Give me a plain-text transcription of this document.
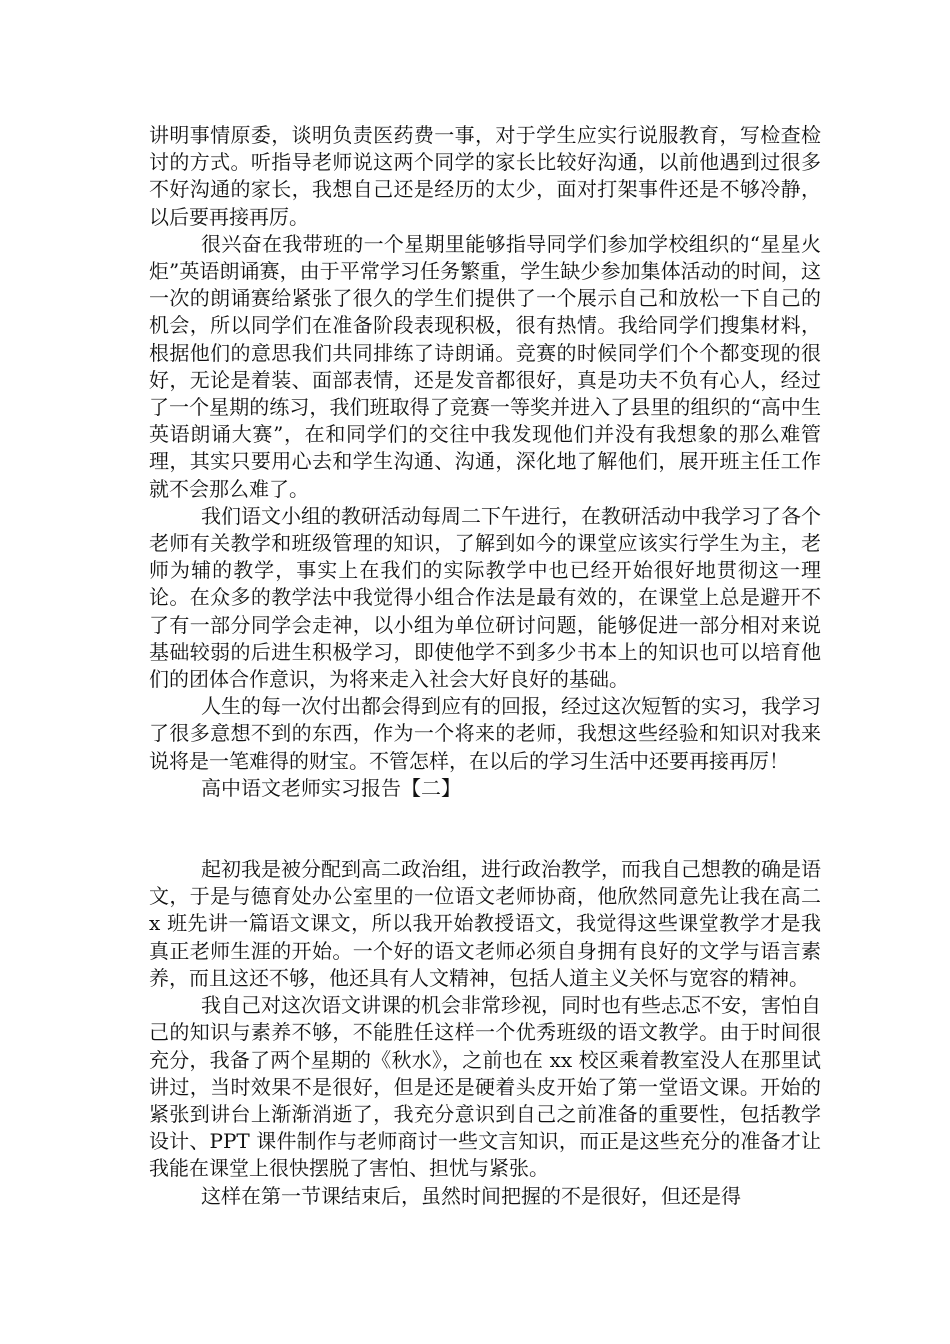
讲明事情原委，谈明负责医药费一事，对于学生应实行说服教育，写检查检讨的方式。听指导老师说这两个同学的家长比较好沟通，以前他遇到过很多不好沟通的家长，我想自己还是经历的太少，面对打架事件还是不够冷静，以后要再接再厉。

很兴奋在我带班的一个星期里能够指导同学们参加学校组织的“星星火炬”英语朗诵赛，由于平常学习任务繁重，学生缺少参加集体活动的时间，这一次的朗诵赛给紧张了很久的学生们提供了一个展示自己和放松一下自己的机会，所以同学们在准备阶段表现积极，很有热情。我给同学们搜集材料，根据他们的意思我们共同排练了诗朗诵。竞赛的时候同学们个个都变现的很好，无论是着装、面部表情，还是发音都很好，真是功夫不负有心人，经过了一个星期的练习，我们班取得了竞赛一等奖并进入了县里的组织的“高中生英语朗诵大赛”，在和同学们的交往中我发现他们并没有我想象的那么难管理，其实只要用心去和学生沟通、沟通，深化地了解他们，展开班主任工作就不会那么难了。

我们语文小组的教研活动每周二下午进行，在教研活动中我学习了各个老师有关教学和班级管理的知识，了解到如今的课堂应该实行学生为主，老师为辅的教学，事实上在我们的实际教学中也已经开始很好地贯彻这一理论。在众多的教学法中我觉得小组合作法是最有效的，在课堂上总是避开不了有一部分同学会走神，以小组为单位研讨问题，能够促进一部分相对来说基础较弱的后进生积极学习，即使他学不到多少书本上的知识也可以培育他们的团体合作意识，为将来走入社会大好良好的基础。

人生的每一次付出都会得到应有的回报，经过这次短暂的实习，我学习了很多意想不到的东西，作为一个将来的老师，我想这些经验和知识对我来说将是一笔难得的财宝。不管怎样，在以后的学习生活中还要再接再厉！

高中语文老师实习报告【二】

起初我是被分配到高二政治组，进行政治教学，而我自己想教的确是语文，于是与德育处办公室里的一位语文老师协商，他欣然同意先让我在高二 x 班先讲一篇语文课文，所以我开始教授语文，我觉得这些课堂教学才是我真正老师生涯的开始。一个好的语文老师必须自身拥有良好的文学与语言素养，而且这还不够，他还具有人文精神，包括人道主义关怀与宽容的精神。

我自己对这次语文讲课的机会非常珍视，同时也有些忐忑不安，害怕自己的知识与素养不够，不能胜任这样一个优秀班级的语文教学。由于时间很充分，我备了两个星期的《秋水》，之前也在 xx 校区乘着教室没人在那里试讲过，当时效果不是很好，但是还是硬着头皮开始了第一堂语文课。开始的紧张到讲台上渐渐消逝了，我充分意识到自己之前准备的重要性，包括教学设计、PPT 课件制作与老师商讨一些文言知识，而正是这些充分的准备才让我能在课堂上很快摆脱了害怕、担忧与紧张。

这样在第一节课结束后，虽然时间把握的不是很好，但还是得
